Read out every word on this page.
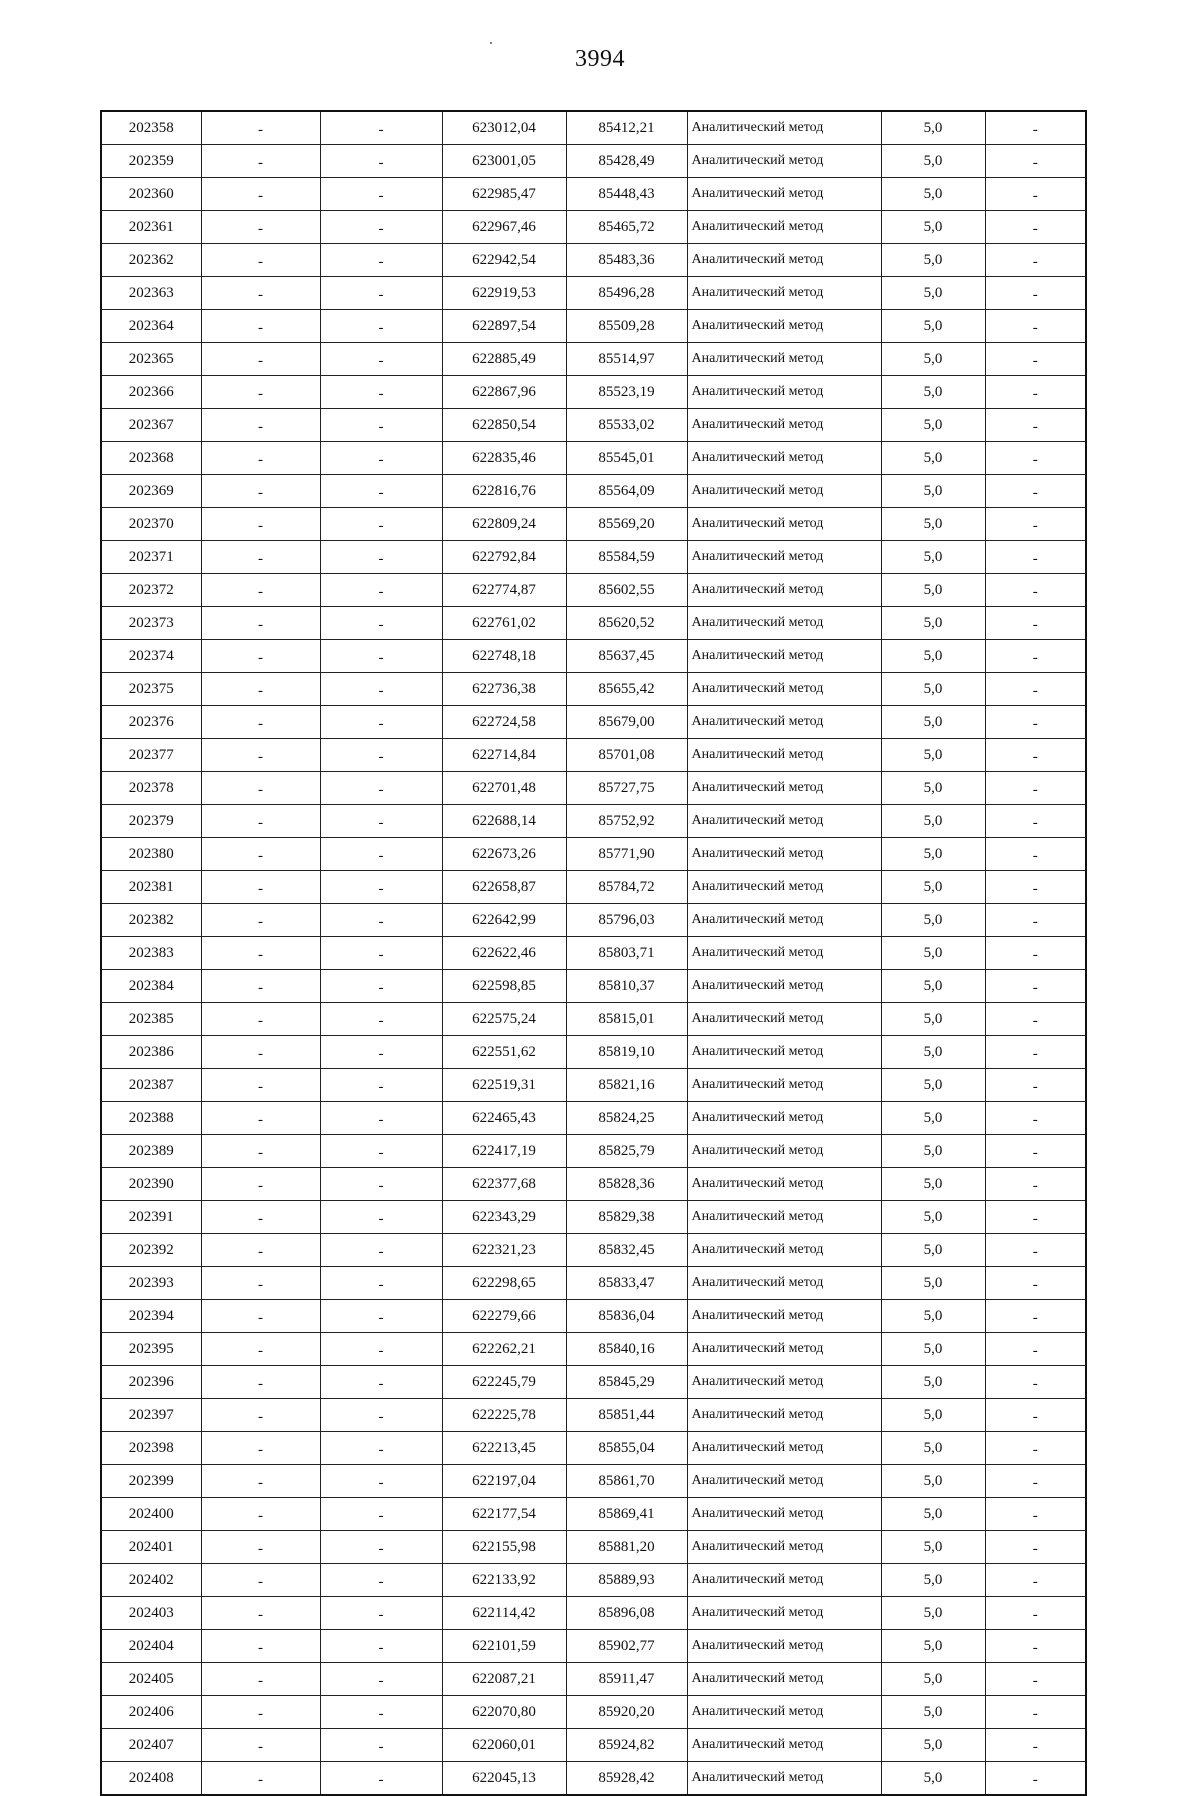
3994
202358	-	-	623012,04	85412,21	Аналитический метод	5,0	-
202359	-	-	623001,05	85428,49	Аналитический метод	5,0	-
202360	-	-	622985,47	85448,43	Аналитический метод	5,0	-
202361	-	-	622967,46	85465,72	Аналитический метод	5,0	-
202362	-	-	622942,54	85483,36	Аналитический метод	5,0	-
202363	-	-	622919,53	85496,28	Аналитический метод	5,0	-
202364	-	-	622897,54	85509,28	Аналитический метод	5,0	-
202365	-	-	622885,49	85514,97	Аналитический метод	5,0	-
202366	-	-	622867,96	85523,19	Аналитический метод	5,0	-
202367	-	-	622850,54	85533,02	Аналитический метод	5,0	-
202368	-	-	622835,46	85545,01	Аналитический метод	5,0	-
202369	-	-	622816,76	85564,09	Аналитический метод	5,0	-
202370	-	-	622809,24	85569,20	Аналитический метод	5,0	-
202371	-	-	622792,84	85584,59	Аналитический метод	5,0	-
202372	-	-	622774,87	85602,55	Аналитический метод	5,0	-
202373	-	-	622761,02	85620,52	Аналитический метод	5,0	-
202374	-	-	622748,18	85637,45	Аналитический метод	5,0	-
202375	-	-	622736,38	85655,42	Аналитический метод	5,0	-
202376	-	-	622724,58	85679,00	Аналитический метод	5,0	-
202377	-	-	622714,84	85701,08	Аналитический метод	5,0	-
202378	-	-	622701,48	85727,75	Аналитический метод	5,0	-
202379	-	-	622688,14	85752,92	Аналитический метод	5,0	-
202380	-	-	622673,26	85771,90	Аналитический метод	5,0	-
202381	-	-	622658,87	85784,72	Аналитический метод	5,0	-
202382	-	-	622642,99	85796,03	Аналитический метод	5,0	-
202383	-	-	622622,46	85803,71	Аналитический метод	5,0	-
202384	-	-	622598,85	85810,37	Аналитический метод	5,0	-
202385	-	-	622575,24	85815,01	Аналитический метод	5,0	-
202386	-	-	622551,62	85819,10	Аналитический метод	5,0	-
202387	-	-	622519,31	85821,16	Аналитический метод	5,0	-
202388	-	-	622465,43	85824,25	Аналитический метод	5,0	-
202389	-	-	622417,19	85825,79	Аналитический метод	5,0	-
202390	-	-	622377,68	85828,36	Аналитический метод	5,0	-
202391	-	-	622343,29	85829,38	Аналитический метод	5,0	-
202392	-	-	622321,23	85832,45	Аналитический метод	5,0	-
202393	-	-	622298,65	85833,47	Аналитический метод	5,0	-
202394	-	-	622279,66	85836,04	Аналитический метод	5,0	-
202395	-	-	622262,21	85840,16	Аналитический метод	5,0	-
202396	-	-	622245,79	85845,29	Аналитический метод	5,0	-
202397	-	-	622225,78	85851,44	Аналитический метод	5,0	-
202398	-	-	622213,45	85855,04	Аналитический метод	5,0	-
202399	-	-	622197,04	85861,70	Аналитический метод	5,0	-
202400	-	-	622177,54	85869,41	Аналитический метод	5,0	-
202401	-	-	622155,98	85881,20	Аналитический метод	5,0	-
202402	-	-	622133,92	85889,93	Аналитический метод	5,0	-
202403	-	-	622114,42	85896,08	Аналитический метод	5,0	-
202404	-	-	622101,59	85902,77	Аналитический метод	5,0	-
202405	-	-	622087,21	85911,47	Аналитический метод	5,0	-
202406	-	-	622070,80	85920,20	Аналитический метод	5,0	-
202407	-	-	622060,01	85924,82	Аналитический метод	5,0	-
202408	-	-	622045,13	85928,42	Аналитический метод	5,0	-
